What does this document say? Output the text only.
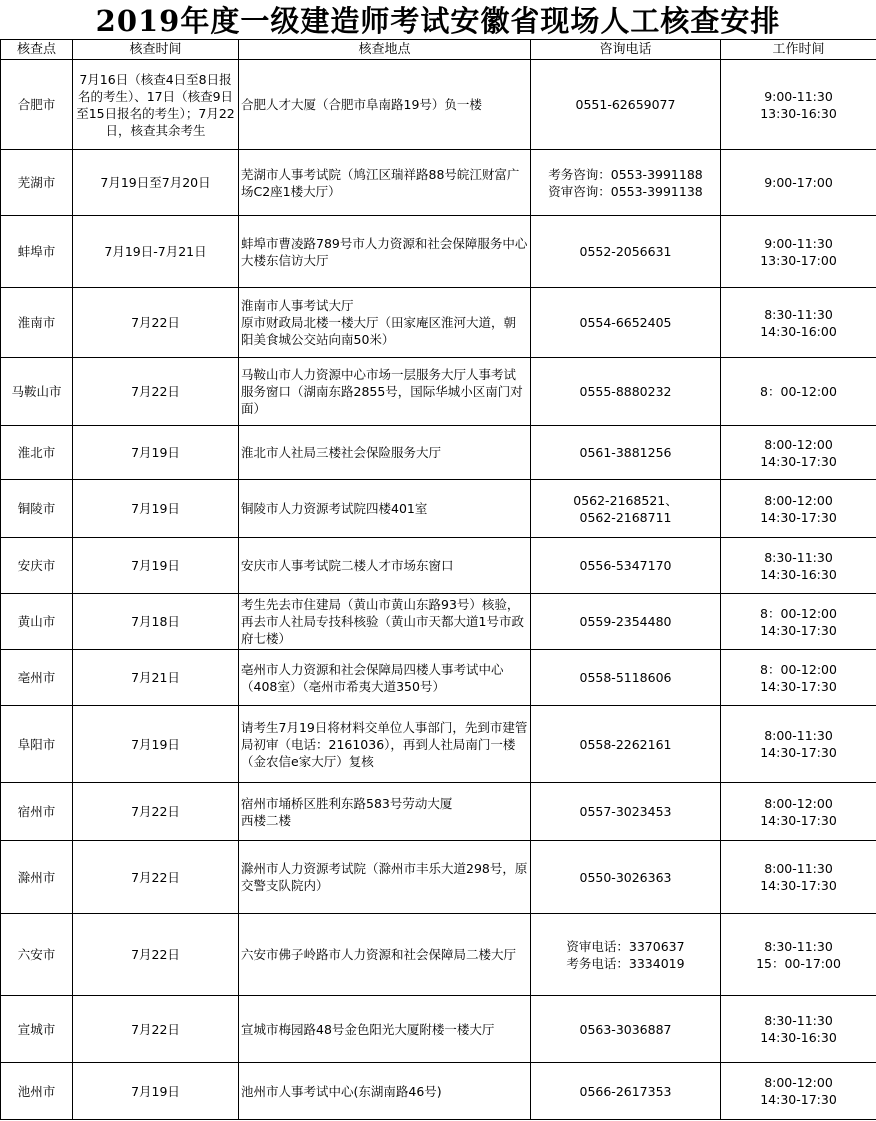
2019年度一级建造师考试安徽省现场人工核查安排
核查点	核查时间	核查地点	咨询电话	工作时间
合肥市	7月16日（核查4日至8日报名的考生）、17日（核查9日至15日报名的考生）；7月22日，核查其余考生	合肥人才大厦（合肥市阜南路19号）负一楼	0551-62659077	9:00-11:30
13:30-16:30

芜湖市	7月19日至7月20日	芜湖市人事考试院（鸠江区瑞祥路88号皖江财富广场C2座1楼大厅）	考务咨询：0553-3991188
资审咨询：0553-3991138	9:00-17:00

蚌埠市	7月19日-7月21日	蚌埠市曹凌路789号市人力资源和社会保障服务中心大楼东信访大厅	0552-2056631	9:00-11:30
13:30-17:00

淮南市	7月22日	淮南市人事考试大厅
原市财政局北楼一楼大厅（田家庵区淮河大道，朝阳美食城公交站向南50米）	0554-6652405	8:30-11:30
14:30-16:00

马鞍山市	7月22日	马鞍山市人力资源中心市场一层服务大厅人事考试服务窗口（湖南东路2855号，国际华城小区南门对面）	0555-8880232	8：00-12:00

淮北市	7月19日	淮北市人社局三楼社会保险服务大厅	0561-3881256	8:00-12:00
14:30-17:30

铜陵市	7月19日	铜陵市人力资源考试院四楼401室	0562-2168521、
0562-2168711	8:00-12:00
14:30-17:30

安庆市	7月19日	安庆市人事考试院二楼人才市场东窗口	0556-5347170	8:30-11:30
14:30-16:30

黄山市	7月18日	考生先去市住建局（黄山市黄山东路93号）核验，再去市人社局专技科核验（黄山市天都大道1号市政府七楼）	0559-2354480	8：00-12:00
14:30-17:30

亳州市	7月21日	亳州市人力资源和社会保障局四楼人事考试中心（408室）（亳州市希夷大道350号）	0558-5118606	8：00-12:00
14:30-17:30

阜阳市	7月19日	请考生7月19日将材料交单位人事部门，先到市建管局初审（电话：2161036），再到人社局南门一楼（金农信e家大厅）复核	0558-2262161	8:00-11:30
14:30-17:30

宿州市	7月22日	宿州市埇桥区胜利东路583号劳动大厦
西楼二楼	0557-3023453	8:00-12:00
14:30-17:30

滁州市	7月22日	滁州市人力资源考试院（滁州市丰乐大道298号，原交警支队院内）	0550-3026363	8:00-11:30
14:30-17:30

六安市	7月22日	六安市佛子岭路市人力资源和社会保障局二楼大厅	资审电话：3370637
考务电话：3334019	8:30-11:30
15：00-17:00

宣城市	7月22日	宣城市梅园路48号金色阳光大厦附楼一楼大厅	0563-3036887	8:30-11:30
14:30-16:30

池州市	7月19日	池州市人事考试中心(东湖南路46号)	0566-2617353	8:00-12:00
14:30-17:30
